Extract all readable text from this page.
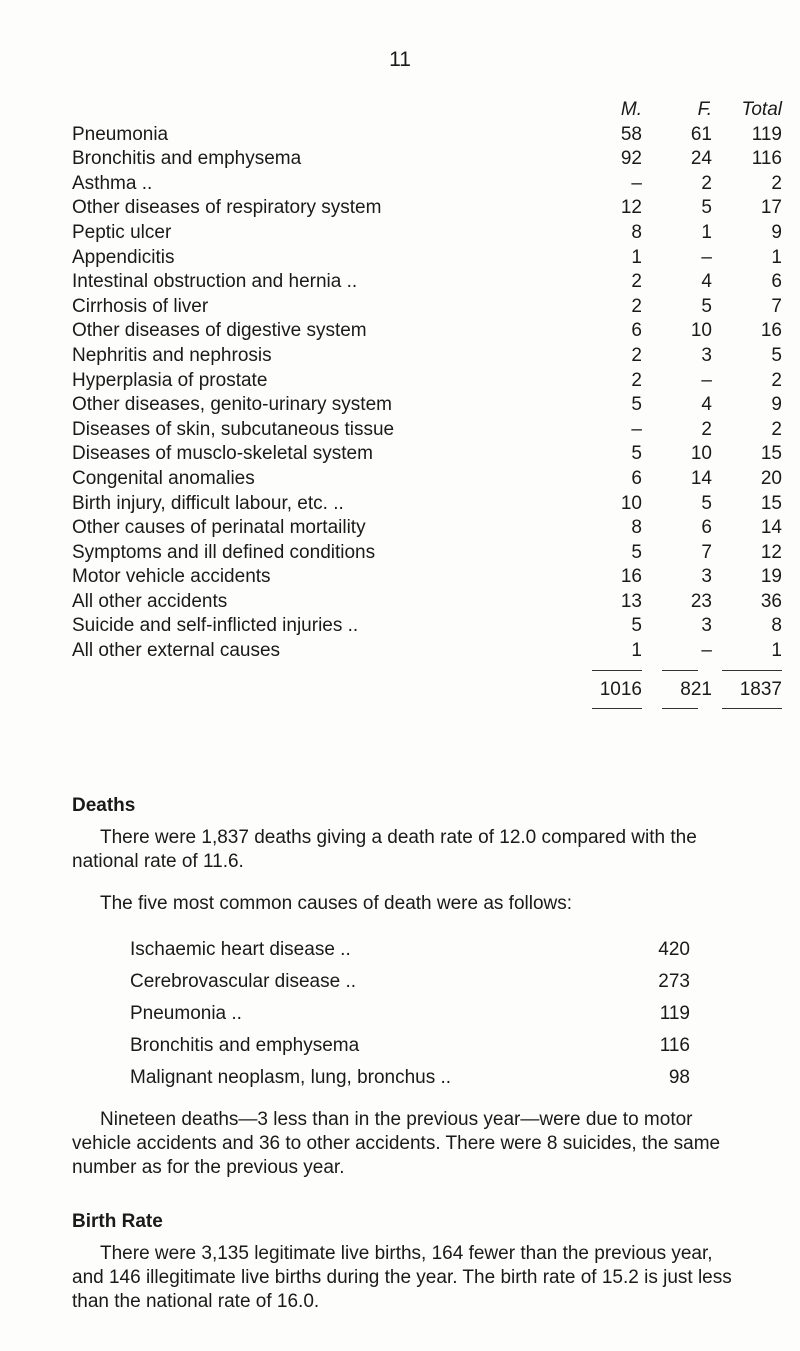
11
M.	F.	Total
Pneumonia	58	61	119
Bronchitis and emphysema	92	24	116
Asthma ..	–	2	2
Other diseases of respiratory system	12	5	17
Peptic ulcer	8	1	9
Appendicitis	1	–	1
Intestinal obstruction and hernia ..	2	4	6
Cirrhosis of liver	2	5	7
Other diseases of digestive system	6	10	16
Nephritis and nephrosis	2	3	5
Hyperplasia of prostate	2	–	2
Other diseases, genito-urinary system	5	4	9
Diseases of skin, subcutaneous tissue	–	2	2
Diseases of musclo-skeletal system	5	10	15
Congenital anomalies	6	14	20
Birth injury, difficult labour, etc. ..	10	5	15
Other causes of perinatal mortaility	8	6	14
Symptoms and ill defined conditions	5	7	12
Motor vehicle accidents	16	3	19
All other accidents	13	23	36
Suicide and self-inflicted injuries ..	5	3	8
All other external causes	1	–	1
1016	821	1837
Deaths

There were 1,837 deaths giving a death rate of 12.0 compared with the national rate of 11.6.

The five most common causes of death were as follows:

Ischaemic heart disease ..	420
Cerebrovascular disease ..	273
Pneumonia ..	119
Bronchitis and emphysema	116
Malignant neoplasm, lung, bronchus ..	98

Nineteen deaths—3 less than in the previous year—were due to motor vehicle accidents and 36 to other accidents. There were 8 suicides, the same number as for the previous year.

Birth Rate

There were 3,135 legitimate live births, 164 fewer than the previous year, and 146 illegitimate live births during the year. The birth rate of 15.2 is just less than the national rate of 16.0.
